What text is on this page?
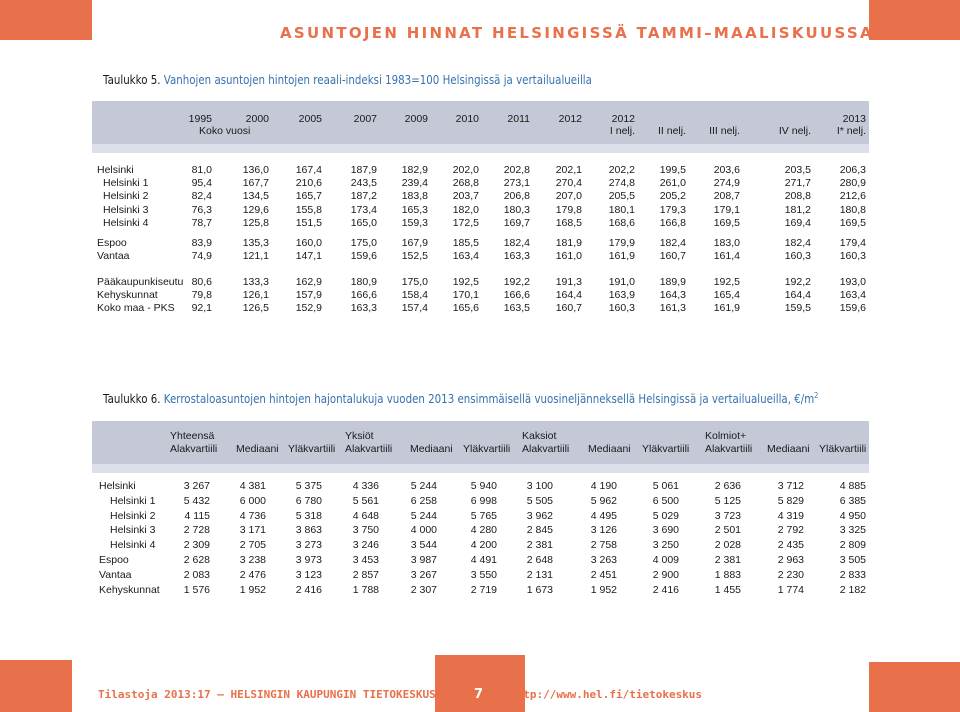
ASUNTOJEN HINNAT HELSINGISSÄ TAMMI–MAALISKUUSSA 2013
Taulukko 5. Vanhojen asuntojen hintojen reaali-indeksi 1983=100 Helsingissä ja vertailualueilla
1995	2000	2005	2007	2009	2010	2011	2012	2012	2013
I nelj.	II nelj.	III nelj.	IV nelj.	I* nelj.
Koko vuosi
Helsinki	81,0	136,0	167,4	187,9	182,9	202,0	202,8	202,1	202,2	199,5	203,6	203,5	206,3
Helsinki 1	95,4	167,7	210,6	243,5	239,4	268,8	273,1	270,4	274,8	261,0	274,9	271,7	280,9
Helsinki 2	82,4	134,5	165,7	187,2	183,8	203,7	206,8	207,0	205,5	205,2	208,7	208,8	212,6
Helsinki 3	76,3	129,6	155,8	173,4	165,3	182,0	180,3	179,8	180,1	179,3	179,1	181,2	180,8
Helsinki 4	78,7	125,8	151,5	165,0	159,3	172,5	169,7	168,5	168,6	166,8	169,5	169,4	169,5
Espoo	83,9	135,3	160,0	175,0	167,9	185,5	182,4	181,9	179,9	182,4	183,0	182,4	179,4
Vantaa	74,9	121,1	147,1	159,6	152,5	163,4	163,3	161,0	161,9	160,7	161,4	160,3	160,3
Pääkaupunkiseutu 80,6	133,3	162,9	180,9	175,0	192,5	192,2	191,3	191,0	189,9	192,5	192,2	193,0
Kehyskunnat	79,8	126,1	157,9	166,6	158,4	170,1	166,6	164,4	163,9	164,3	165,4	164,4	163,4
Koko maa - PKS	92,1	126,5	152,9	163,3	157,4	165,6	163,5	160,7	160,3	161,3	161,9	159,5	159,6
Taulukko 6. Kerrostaloasuntojen hintojen hajontalukuja vuoden 2013 ensimmäisellä vuosineljänneksellä Helsingissä ja vertailualueilla, $€/m^2$
Yhteensä	Yksiöt	Kaksiot	Kolmiot+
Alakvartiili Mediaani Yläkvartiili Alakvartiili Mediaani Yläkvartiili Alakvartiili Mediaani Yläkvartiili Alakvartiili Mediaani Yläkvartiili
Helsinki	3 267	4 381	5 375	4 336	5 244	5 940	3 100	4 190	5 061	2 636	3 712	4 885
Helsinki 1	5 432	6 000	6 780	5 561	6 258	6 998	5 505	5 962	6 500	5 125	5 829	6 385
Helsinki 2	4 115	4 736	5 318	4 648	5 244	5 765	3 962	4 495	5 029	3 723	4 319	4 950
Helsinki 3	2 728	3 171	3 863	3 750	4 000	4 280	2 845	3 126	3 690	2 501	2 792	3 325
Helsinki 4	2 309	2 705	3 273	3 246	3 544	4 200	2 381	2 758	3 250	2 028	2 435	2 809
Espoo	2 628	3 238	3 973	3 453	3 987	4 491	2 648	3 263	4 009	2 381	2 963	3 505
Vantaa	2 083	2 476	3 123	2 857	3 267	3 550	2 131	2 451	2 900	1 883	2 230	2 833
Kehyskunnat	1 576	1 952	2 416	1 788	2 307	2 719	1 673	1 952	2 416	1 455	1 774	2 182
Tilastoja 2013:17 — HELSINGIN KAUPUNGIN TIETOKESKUS	7 http://www.hel.fi/tietokeskus
